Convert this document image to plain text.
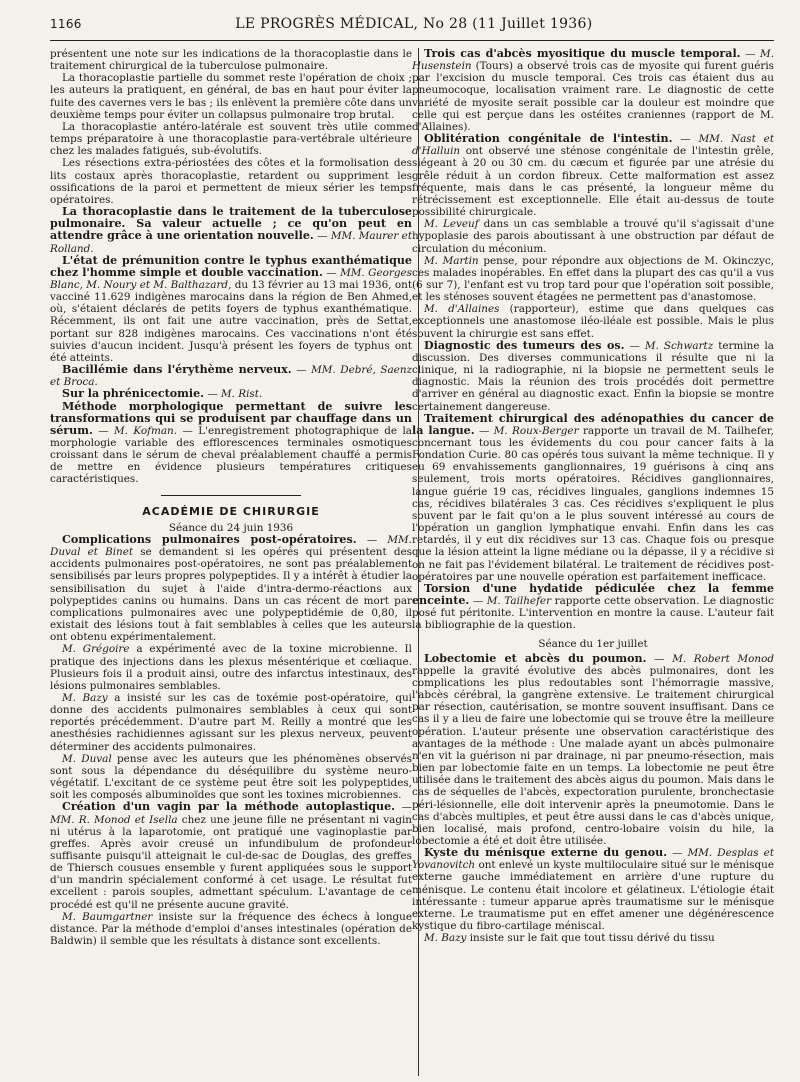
1166	LE PROGRÈS MÉDICAL, No 28 (11 Juillet 1936)

présentent une note sur les indications de la thoracoplastie dans le traitement chirurgical de la tuberculose pulmonaire.

La thoracoplastie partielle du sommet reste l'opération de choix ; les auteurs la pratiquent, en général, de bas en haut pour éviter la fuite des cavernes vers le bas ; ils enlèvent la première côte dans un deuxième temps pour éviter un collapsus pulmonaire trop brutal.

La thoracoplastie antéro-latérale est souvent très utile comme temps préparatoire à une thoracoplastie para-vertébrale ultérieure chez les malades fatigués, sub-évolutifs.

Les résections extra-périostées des côtes et la formolisation des lits costaux après thoracoplastie, retardent ou suppriment les ossifications de la paroi et permettent de mieux sérier les temps opératoires.

La thoracoplastie dans le traitement de la tuberculose pulmonaire. Sa valeur actuelle ; ce qu'on peut en attendre grâce à une orientation nouvelle. — MM. Maurer et Rolland.

L'état de prémunition contre le typhus exanthématique chez l'homme simple et double vaccination. — MM. Georges Blanc, M. Noury et M. Balthazard, du 13 février au 13 mai 1936, ont vacciné 11.629 indigènes marocains dans la région de Ben Ahmed, où, s'étaient déclarés de petits foyers de typhus exanthématique. Récemment, ils ont fait une autre vaccination, près de Settat, portant sur 828 indigènes marocains. Ces vaccinations n'ont été suivies d'aucun incident. Jusqu'à présent les foyers de typhus ont été atteints.

Bacillémie dans l'érythème nerveux. — MM. Debré, Saenz et Broca.

Sur la phrénicectomie. — M. Rist.

Méthode morphologique permettant de suivre les transformations qui se produisent par chauffage dans un sérum. — M. Kofman. — L'enregistrement photographique de la morphologie variable des efflorescences terminales osmotiques croissant dans le sérum de cheval préalablement chauffé a permis de mettre en évidence plusieurs températures critiques caractéristiques.

ACADÉMIE DE CHIRURGIE

Séance du 24 juin 1936

Complications pulmonaires post-opératoires. — MM. Duval et Binet se demandent si les opérés qui présentent des accidents pulmonaires post-opératoires, ne sont pas préalablement sensibilisés par leurs propres polypeptides. Il y a intérêt à étudier la sensibilisation du sujet à l'aide d'intra-dermo-réactions aux polypeptides canins ou humains. Dans un cas récent de mort par complications pulmonaires avec une polypeptidémie de 0,80, il existait des lésions tout à fait semblables à celles que les auteurs ont obtenu expérimentalement.

M. Grégoire a expérimenté avec de la toxine microbienne. Il pratique des injections dans les plexus mésentérique et cœliaque. Plusieurs fois il a produit ainsi, outre des infarctus intestinaux, des lésions pulmonaires semblables.

M. Bazy a insisté sur les cas de toxémie post-opératoire, qui donne des accidents pulmonaires semblables à ceux qui sont reportés précédemment. D'autre part M. Reilly a montré que les anesthésies rachidiennes agissant sur les plexus nerveux, peuvent déterminer des accidents pulmonaires.

M. Duval pense avec les auteurs que les phénomènes observés sont sous la dépendance du déséquilibre du système neuro-végétatif. L'excitant de ce système peut être soit les polypeptides, soit les composés albuminoïdes que sont les toxines microbiennes.

Création d'un vagin par la méthode autoplastique. — MM. R. Monod et Isella chez une jeune fille ne présentant ni vagin ni utérus à la laparotomie, ont pratiqué une vaginoplastie par greffes. Après avoir creusé un infundibulum de profondeur suffisante puisqu'il atteignait le cul-de-sac de Douglas, des greffes de Thiersch cousues ensemble y furent appliquées sous le support d'un mandrin spécialement conformé à cet usage. Le résultat fut excellent : parois souples, admettant spéculum. L'avantage de ce procédé est qu'il ne présente aucune gravité.

M. Baumgartner insiste sur la fréquence des échecs à longue distance. Par la méthode d'emploi d'anses intestinales (opération de Baldwin) il semble que les résultats à distance sont excellents.

Trois cas d'abcès myositique du muscle temporal. — M. Husenstein (Tours) a observé trois cas de myosite qui furent guéris par l'excision du muscle temporal. Ces trois cas étaient dus au pneumocoque, localisation vraiment rare. Le diagnostic de cette variété de myosite serait possible car la douleur est moindre que celle qui est perçue dans les ostéites craniennes (rapport de M. d'Allaines).

Oblitération congénitale de l'intestin. — MM. Nast et d'Halluin ont observé une sténose congénitale de l'intestin grêle, siégeant à 20 ou 30 cm. du cæcum et figurée par une atrésie du grêle réduit à un cordon fibreux. Cette malformation est assez fréquente, mais dans le cas présenté, la longueur même du rétrécissement est exceptionnelle. Elle était au-dessus de toute possibilité chirurgicale.

M. Leveuf dans un cas semblable a trouvé qu'il s'agissait d'une hypoplasie des parois aboutissant à une obstruction par défaut de circulation du méconium.

M. Martin pense, pour répondre aux objections de M. Okinczyc, ces malades inopérables. En effet dans la plupart des cas qu'il a vus (6 sur 7), l'enfant est vu trop tard pour que l'opération soit possible, et les sténoses souvent étagées ne permettent pas d'anastomose.

M. d'Allaines (rapporteur), estime que dans quelques cas exceptionnels une anastomose iléo-iléale est possible. Mais le plus souvent la chirurgie est sans effet.

Diagnostic des tumeurs des os. — M. Schwartz termine la discussion. Des diverses communications il résulte que ni la clinique, ni la radiographie, ni la biopsie ne permettent seuls le diagnostic. Mais la réunion des trois procédés doit permettre d'arriver en général au diagnostic exact. Enfin la biopsie se montre certainement dangereuse.

Traitement chirurgical des adénopathies du cancer de la langue. — M. Roux-Berger rapporte un travail de M. Tailhefer, concernant tous les évidements du cou pour cancer faits à la Fondation Curie. 80 cas opérés tous suivant la même technique. Il y eu 69 envahissements ganglionnaires, 19 guérisons à cinq ans seulement, trois morts opératoires. Récidives ganglionnaires, langue guérie 19 cas, récidives linguales, ganglions indemnes 15 cas, récidives bilatérales 3 cas. Ces récidives s'expliquent le plus souvent par le fait qu'on a le plus souvent intéressé au cours de l'opération un ganglion lymphatique envahi. Enfin dans les cas retardés, il y eut dix récidives sur 13 cas. Chaque fois ou presque que la lésion atteint la ligne médiane ou la dépasse, il y a récidive si on ne fait pas l'évidement bilatéral. Le traitement de récidives post-opératoires par une nouvelle opération est parfaitement inefficace.

Torsion d'une hydatide pédiculée chez la femme enceinte. — M. Tailhefer rapporte cette observation. Le diagnostic posé fut péritonite. L'intervention en montre la cause. L'auteur fait la bibliographie de la question.

Séance du 1er juillet

Lobectomie et abcès du poumon. — M. Robert Monod rappelle la gravité évolutive des abcès pulmonaires, dont les complications les plus redoutables sont l'hémorragie massive, l'abcès cérébral, la gangrène extensive. Le traitement chirurgical par résection, cautérisation, se montre souvent insuffisant. Dans ce cas il y a lieu de faire une lobectomie qui se trouve être la meilleure opération. L'auteur présente une observation caractéristique des avantages de la méthode : Une malade ayant un abcès pulmonaire n'en vit la guérison ni par drainage, ni par pneumo-résection, mais bien par lobectomie faite en un temps. La lobectomie ne peut être utilisée dans le traitement des abcès aigus du poumon. Mais dans le cas de séquelles de l'abcès, expectoration purulente, bronchectasie péri-lésionnelle, elle doit intervenir après la pneumotomie. Dans le cas d'abcès multiples, et peut être aussi dans le cas d'abcès unique, bien localisé, mais profond, centro-lobaire voisin du hile, la lobectomie a été et doit être utilisée.

Kyste du ménisque externe du genou. — MM. Desplas et Yovanovitch ont enlevé un kyste multiloculaire situé sur le ménisque externe gauche immédiatement en arrière d'une rupture du ménisque. Le contenu était incolore et gélatineux. L'étiologie était intéressante : tumeur apparue après traumatisme sur le ménisque externe. Le traumatisme put en effet amener une dégénérescence kystique du fibro-cartilage méniscal.

M. Bazy insiste sur le fait que tout tissu dérivé du tissu
